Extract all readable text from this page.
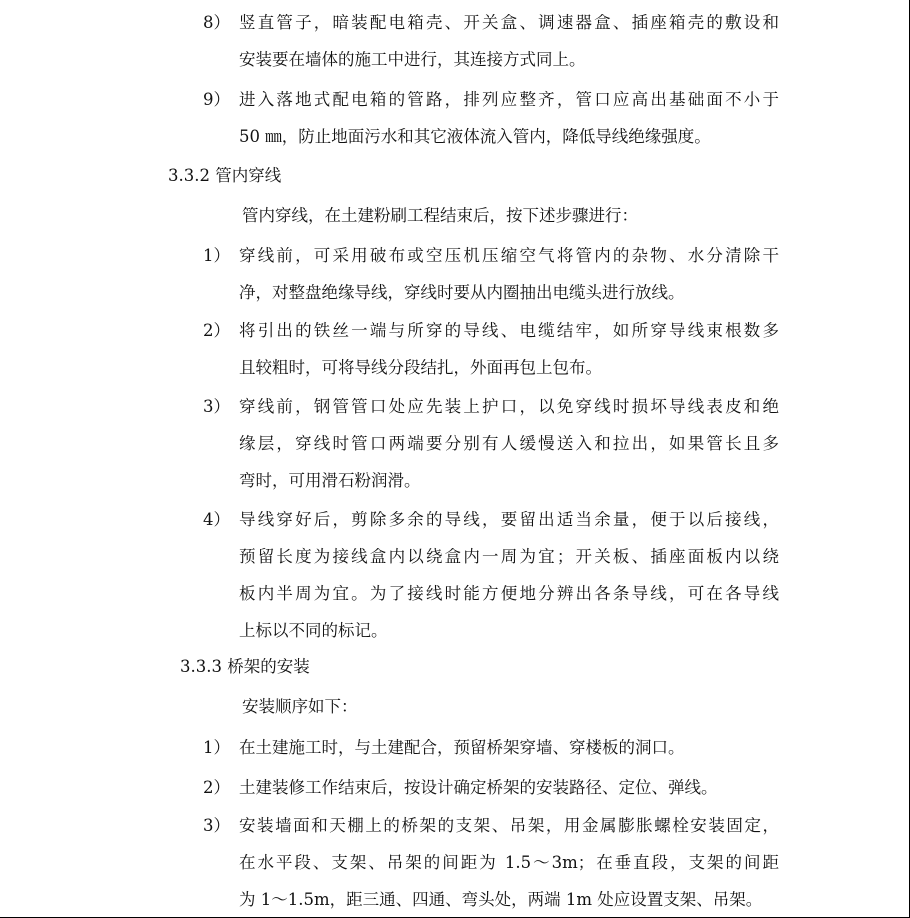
8） 竖直管子，暗装配电箱壳、开关盒、调速器盒、插座箱壳的敷设和
安装要在墙体的施工中进行，其连接方式同上。
9） 进入落地式配电箱的管路，排列应整齐，管口应高出基础面不小于
50 ㎜，防止地面污水和其它液体流入管内，降低导线绝缘强度。
3.3.2 管内穿线
管内穿线，在土建粉刷工程结束后，按下述步骤进行：
1） 穿线前，可采用破布或空压机压缩空气将管内的杂物、水分清除干
净，对整盘绝缘导线，穿线时要从内圈抽出电缆头进行放线。
2） 将引出的铁丝一端与所穿的导线、电缆结牢，如所穿导线束根数多
且较粗时，可将导线分段结扎，外面再包上包布。
3） 穿线前，钢管管口处应先装上护口，以免穿线时损坏导线表皮和绝
缘层，穿线时管口两端要分别有人缓慢送入和拉出，如果管长且多
弯时，可用滑石粉润滑。
4） 导线穿好后，剪除多余的导线，要留出适当余量，便于以后接线，
预留长度为接线盒内以绕盒内一周为宜；开关板、插座面板内以绕
板内半周为宜。为了接线时能方便地分辨出各条导线，可在各导线
上标以不同的标记。
3.3.3 桥架的安装
安装顺序如下：
1） 在土建施工时，与土建配合，预留桥架穿墙、穿楼板的洞口。
2） 土建装修工作结束后，按设计确定桥架的安装路径、定位、弹线。
3） 安装墙面和天棚上的桥架的支架、吊架，用金属膨胀螺栓安装固定，
在水平段、支架、吊架的间距为 1.5～3m；在垂直段，支架的间距
为 1～1.5m，距三通、四通、弯头处，两端 1m 处应设置支架、吊架。
